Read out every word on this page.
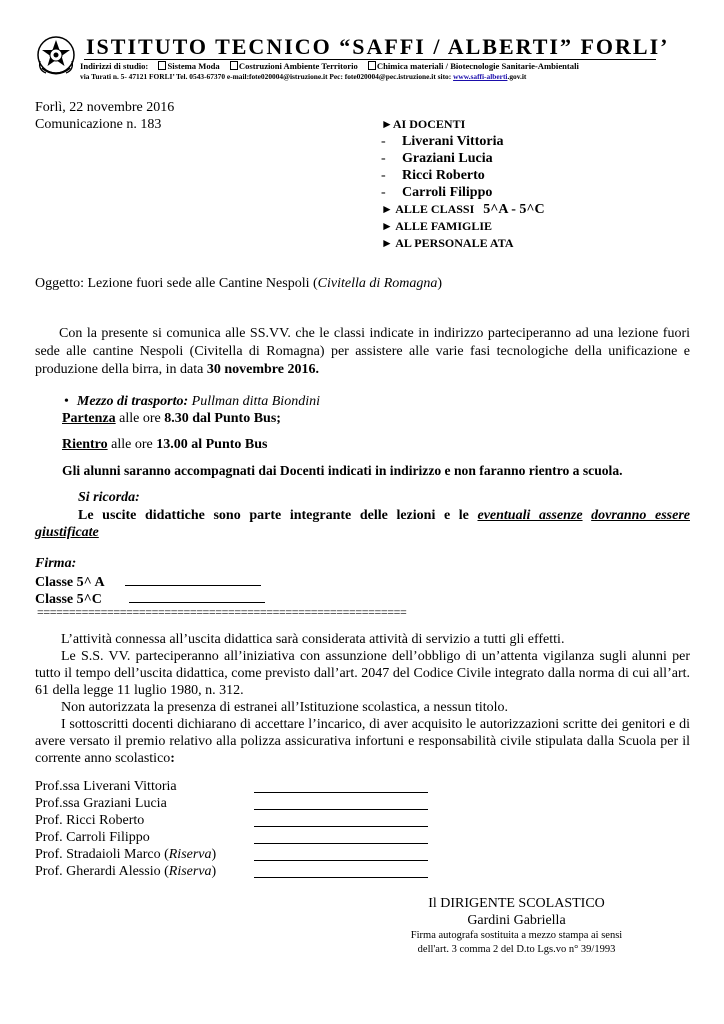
ISTITUTO TECNICO “SAFFI / ALBERTI” FORLI’
Indirizzi di studio: Sistema Moda Costruzioni Ambiente Territorio Chimica materiali / Biotecnologie Sanitarie-Ambientali
via Turati n. 5- 47121 FORLI’ Tel. 0543-67370 e-mail:fote020004@istruzione.it Pec: fote020004@pec.istruzione.it sito: www.saffi-alberti.gov.it
Forlì, 22 novembre 2016
Comunicazione n. 183	►AI DOCENTI
- Liverani Vittoria
- Graziani Lucia
- Ricci Roberto
- Carroli Filippo
► ALLE CLASSI 5^A - 5^C
► ALLE FAMIGLIE
► AL PERSONALE ATA
Oggetto: Lezione fuori sede alle Cantine Nespoli (Civitella di Romagna)
Con la presente si comunica alle SS.VV. che le classi indicate in indirizzo parteciperanno ad una lezione fuori sede alle cantine Nespoli (Civitella di Romagna) per assistere alle varie fasi tecnologiche della unificazione e produzione della birra, in data 30 novembre 2016.
• Mezzo di trasporto: Pullman ditta Biondini
Partenza alle ore 8.30 dal Punto Bus;
Rientro alle ore 13.00 al Punto Bus
Gli alunni saranno accompagnati dai Docenti indicati in indirizzo e non faranno rientro a scuola.
Si ricorda:
Le uscite didattiche sono parte integrante delle lezioni e le eventuali assenze dovranno essere giustificate
Firma:
Classe 5^ A
Classe 5^C
==========================================================

L’attività connessa all’uscita didattica sarà considerata attività di servizio a tutti gli effetti.

Le S.S. VV. parteciperanno all’iniziativa con assunzione dell’obbligo di un’attenta vigilanza sugli alunni per tutto il tempo dell’uscita didattica, come previsto dall’art. 2047 del Codice Civile integrato dalla norma di cui all’art. 61 della legge 11 luglio 1980, n. 312.

Non autorizzata la presenza di estranei all’Istituzione scolastica, a nessun titolo.

I sottoscritti docenti dichiarano di accettare l’incarico, di aver acquisito le autorizzazioni scritte dei genitori e di avere versato il premio relativo alla polizza assicurativa infortuni e responsabilità civile stipulata dalla Scuola per il corrente anno scolastico:

Prof.ssa Liverani Vittoria
Prof.ssa Graziani Lucia
Prof. Ricci Roberto
Prof. Carroli Filippo
Prof. Stradaioli Marco (Riserva)
Prof. Gherardi Alessio (Riserva)
Il DIRIGENTE SCOLASTICO
Gardini Gabriella
Firma autografa sostituita a mezzo stampa ai sensi
dell'art. 3 comma 2 del D.to Lgs.vo n° 39/1993
